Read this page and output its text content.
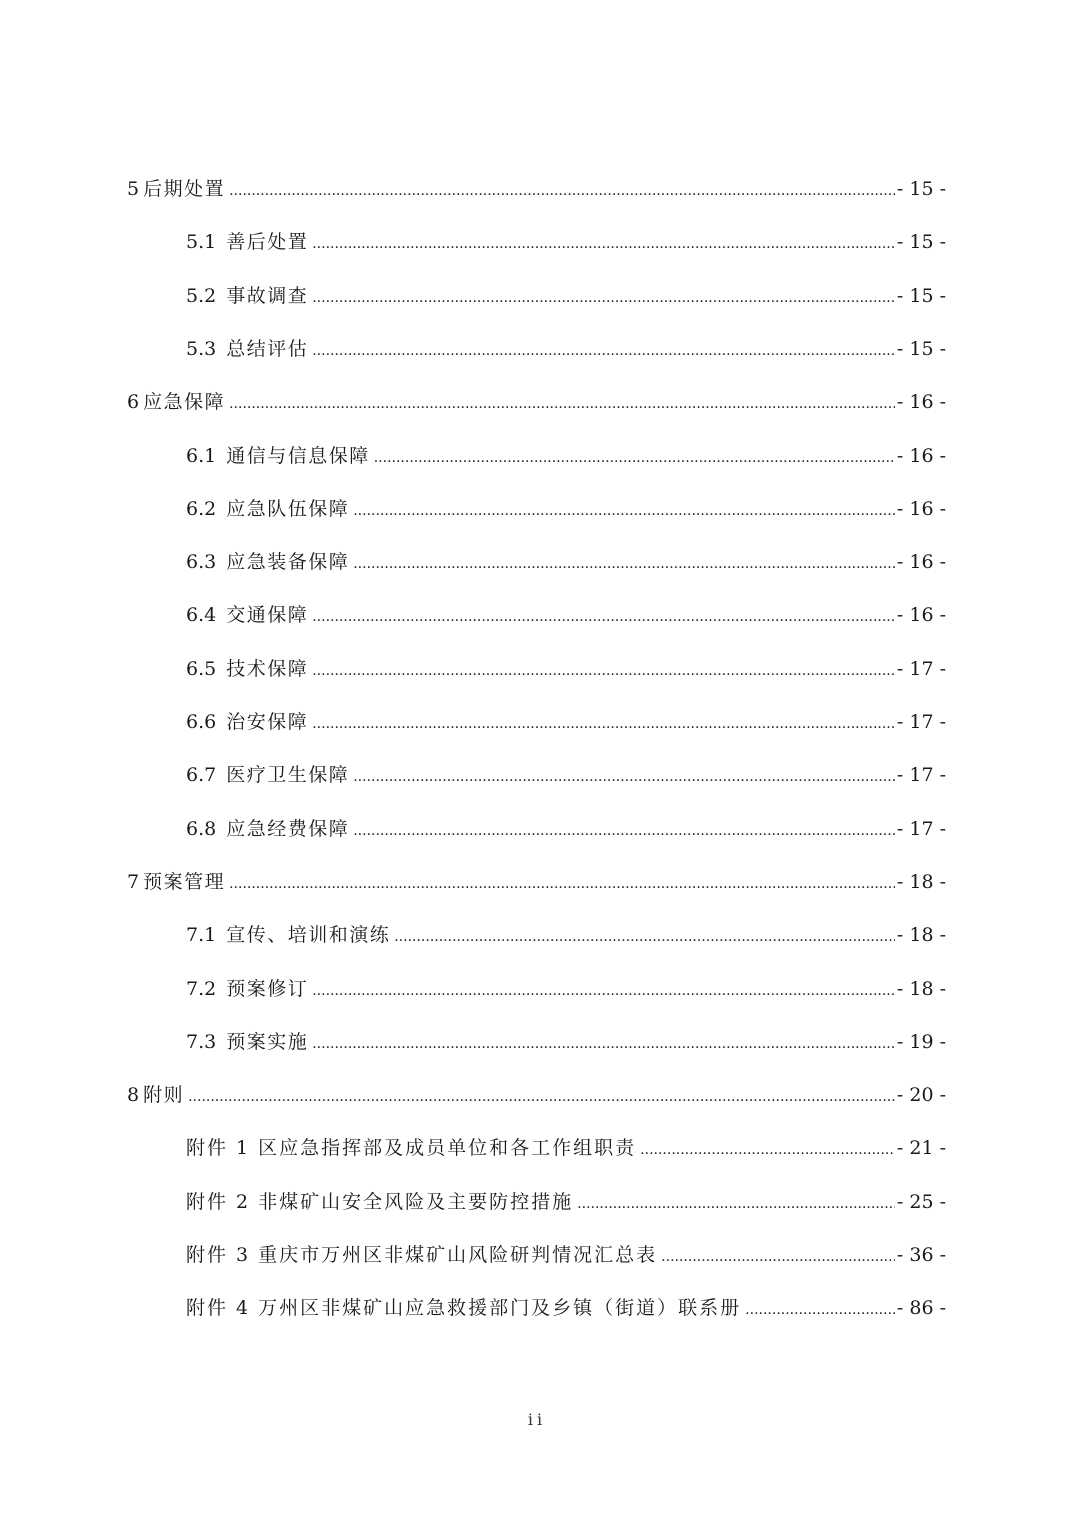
5 后期处置 .....	- 15 -
5.1 善后处置 .....	- 15 -
5.2 事故调查 .....	- 15 -
5.3 总结评估 .....	- 15 -
6 应急保障 .....	- 16 -
6.1 通信与信息保障 .....	- 16 -
6.2 应急队伍保障 .....	- 16 -
6.3 应急装备保障 .....	- 16 -
6.4 交通保障 .....	- 16 -
6.5 技术保障 .....	- 17 -
6.6 治安保障 .....	- 17 -
6.7 医疗卫生保障 .....	- 17 -
6.8 应急经费保障 .....	- 17 -
7 预案管理 .....	- 18 -
7.1 宣传、培训和演练 .....	- 18 -
7.2 预案修订 .....	- 18 -
7.3 预案实施 .....	- 19 -
8 附则 .....	- 20 -
附件 1 区应急指挥部及成员单位和各工作组职责 .....	- 21 -
附件 2 非煤矿山安全风险及主要防控措施 .....	- 25 -
附件 3 重庆市万州区非煤矿山风险研判情况汇总表 .....	- 36 -
附件 4 万州区非煤矿山应急救援部门及乡镇（街道）联系册 .....	- 86 -
ii
